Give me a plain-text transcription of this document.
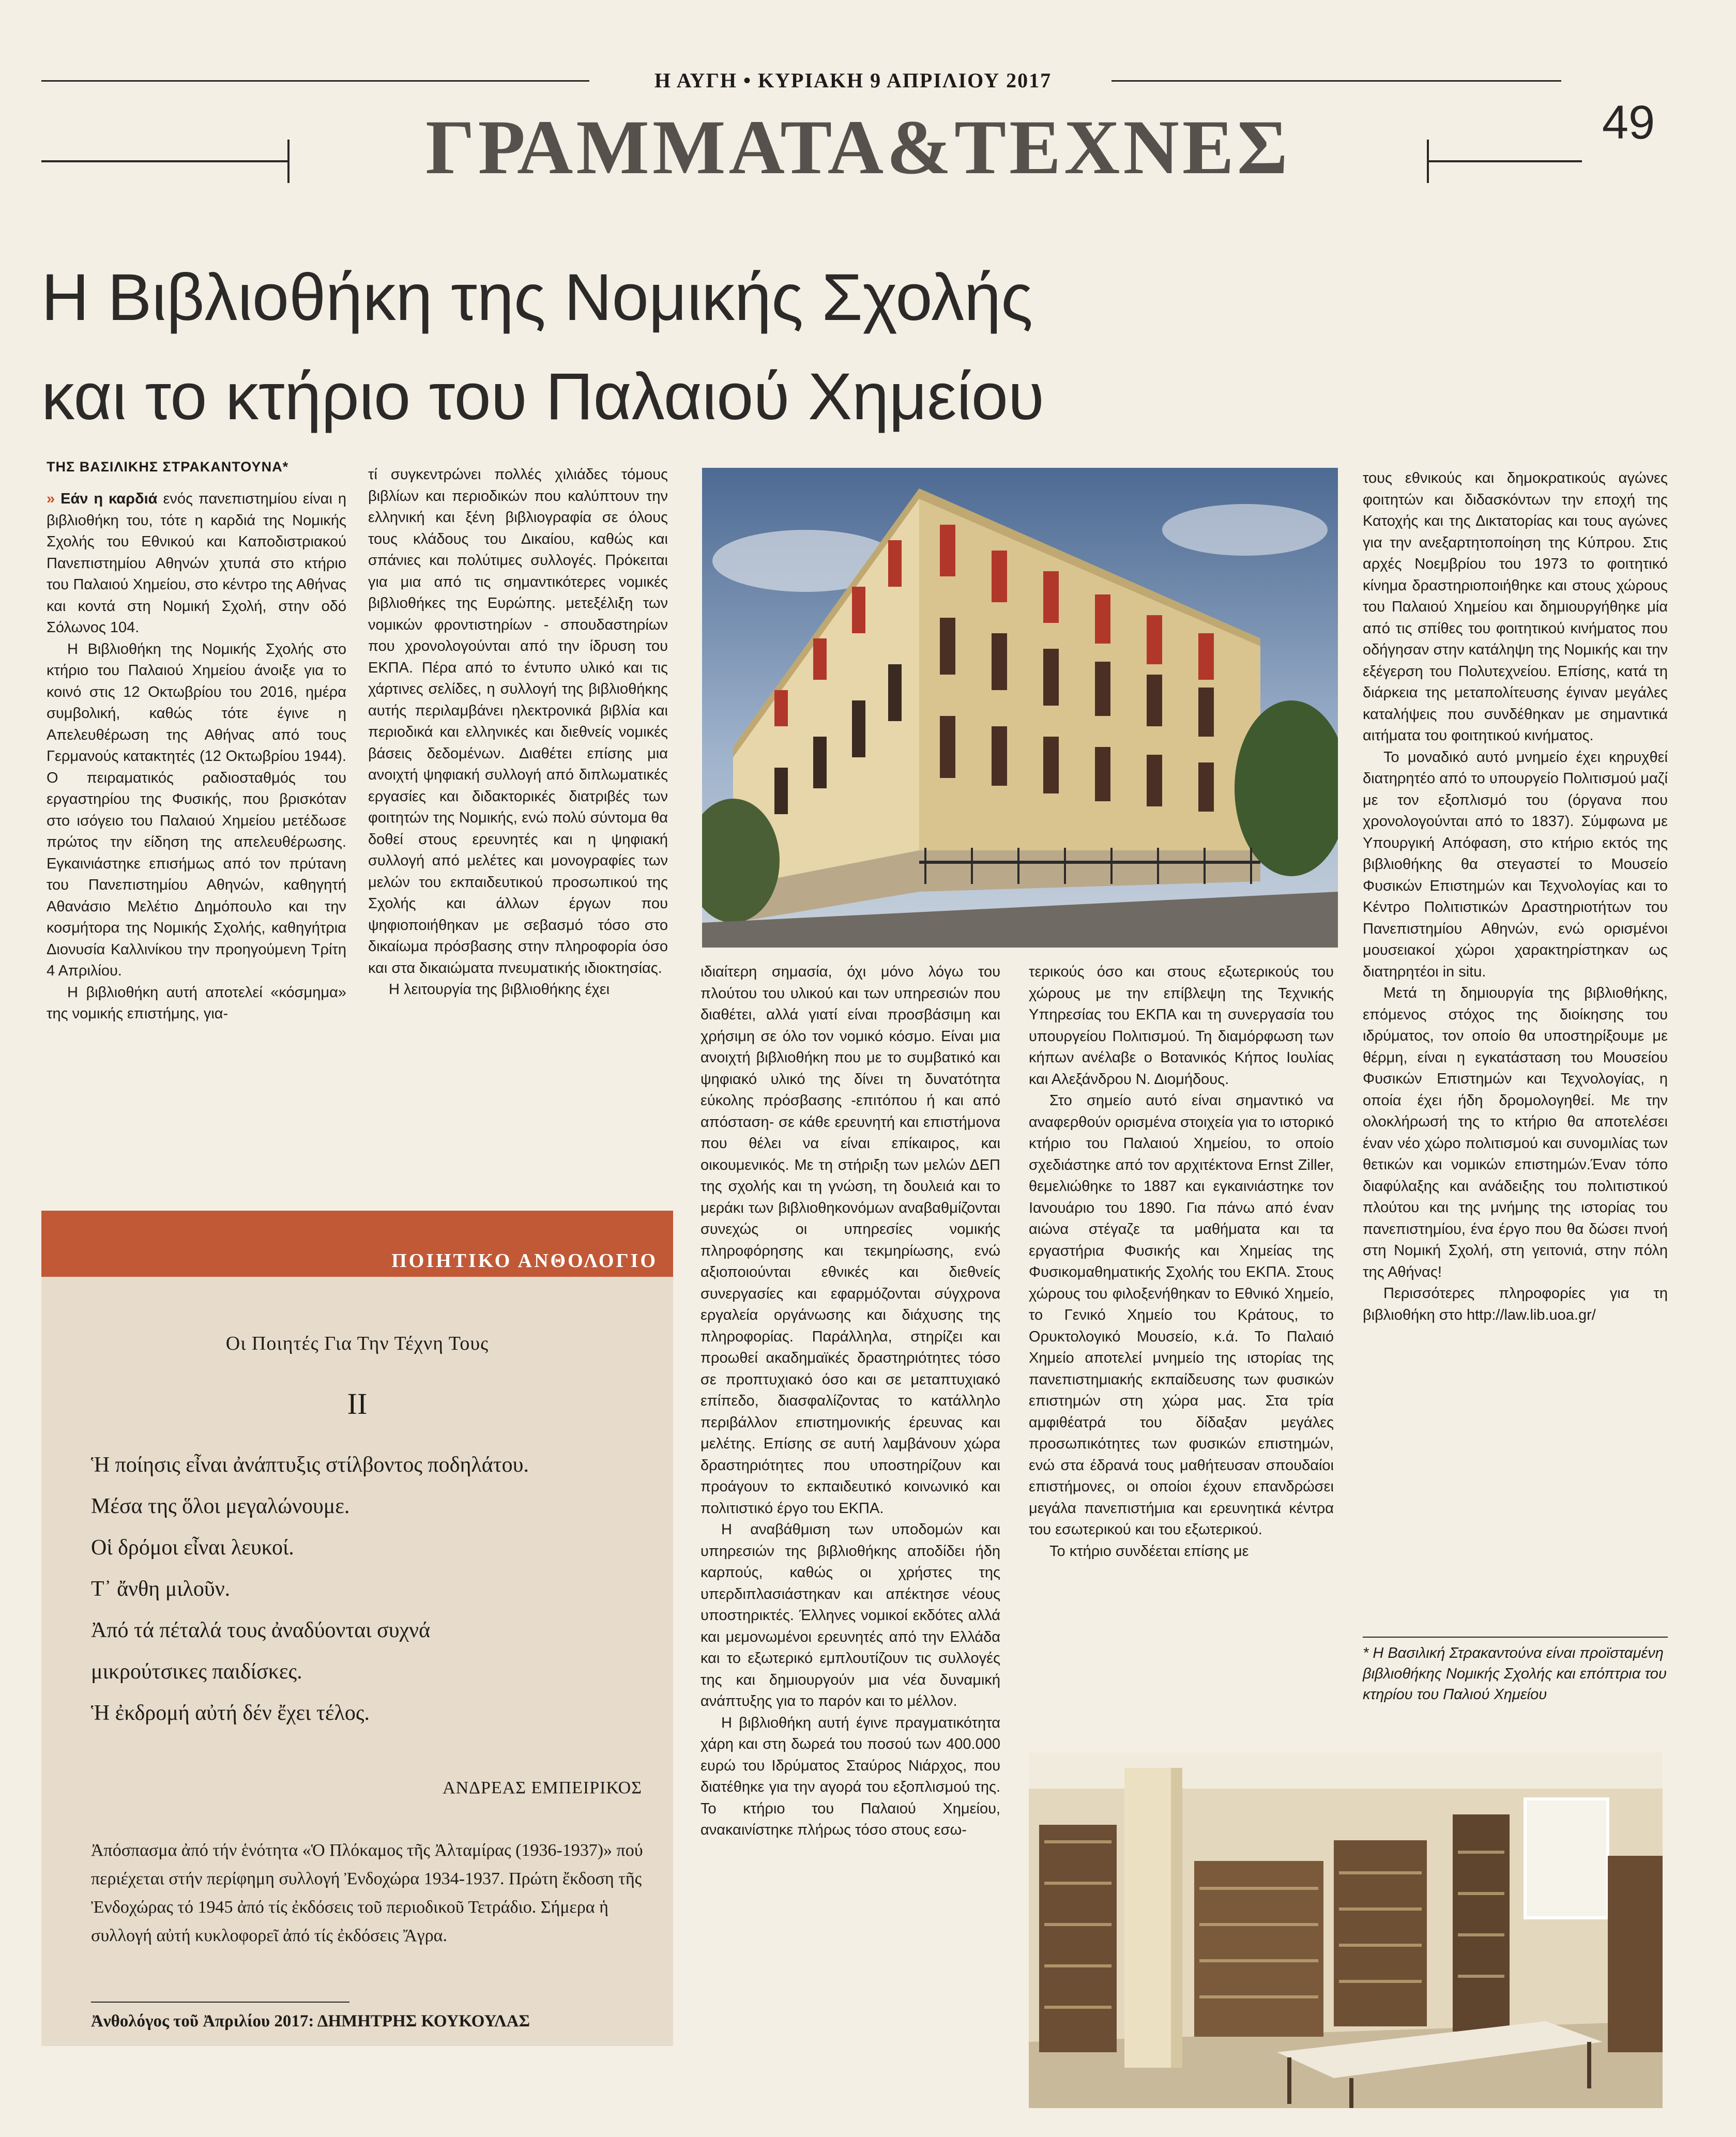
Η ΑΥΓΗ • ΚΥΡΙΑΚΗ 9 ΑΠΡΙΛΙΟΥ 2017
ΓΡΑΜΜΑΤΑ&ΤΕΧΝΕΣ	49
Η Βιβλιοθήκη της Νομικής Σχολής
και το κτήριο του Παλαιού Χημείου
ΤΗΣ ΒΑΣΙΛΙΚΗΣ ΣΤΡΑΚΑΝΤΟΥΝΑ*

» Εάν η καρδιά ενός πανεπιστημίου είναι η βιβλιοθήκη του, τότε η καρδιά της Νομικής Σχολής του Εθνικού και Καποδιστριακού Πανεπιστημίου Αθηνών χτυπά στο κτήριο του Παλαιού Χημείου, στο κέντρο της Αθήνας και κοντά στη Νομική Σχολή, στην οδό Σόλωνος 104.

Η Βιβλιοθήκη της Νομικής Σχολής στο κτήριο του Παλαιού Χημείου άνοιξε για το κοινό στις 12 Οκτωβρίου του 2016, ημέρα συμβολική, καθώς τότε έγινε η Απελευθέρωση της Αθήνας από τους Γερμανούς κατακτητές (12 Οκτωβρίου 1944). Ο πειραματικός ραδιοσταθμός του εργαστηρίου της Φυσικής, που βρισκόταν στο ισόγειο του Παλαιού Χημείου μετέδωσε πρώτος την είδηση της απελευθέρωσης. Εγκαινιάστηκε επισήμως από τον πρύτανη του Πανεπιστημίου Αθηνών, καθηγητή Αθανάσιο Μελέτιο Δημόπουλο και την κοσμήτορα της Νομικής Σχολής, καθηγήτρια Διονυσία Καλλινίκου την προηγούμενη Τρίτη 4 Απριλίου.

Η βιβλιοθήκη αυτή αποτελεί «κόσμημα» της νομικής επιστήμης, για-

τί συγκεντρώνει πολλές χιλιάδες τόμους βιβλίων και περιοδικών που καλύπτουν την ελληνική και ξένη βιβλιογραφία σε όλους τους κλάδους του Δικαίου, καθώς και σπάνιες και πολύτιμες συλλογές. Πρόκειται για μια από τις σημαντικότερες νομικές βιβλιοθήκες της Ευρώπης. μετεξέλιξη των νομικών φροντιστηρίων - σπουδαστηρίων που χρονολογούνται από την ίδρυση του ΕΚΠΑ. Πέρα από το έντυπο υλικό και τις χάρτινες σελίδες, η συλλογή της βιβλιοθήκης αυτής περιλαμβάνει ηλεκτρονικά βιβλία και περιοδικά και ελληνικές και διεθνείς νομικές βάσεις δεδομένων. Διαθέτει επίσης μια ανοιχτή ψηφιακή συλλογή από διπλωματικές εργασίες και διδακτορικές διατριβές των φοιτητών της Νομικής, ενώ πολύ σύντομα θα δοθεί στους ερευνητές και η ψηφιακή συλλογή από μελέτες και μονογραφίες των μελών του εκπαιδευτικού προσωπικού της Σχολής και άλλων έργων που ψηφιοποιήθηκαν με σεβασμό τόσο στο δικαίωμα πρόσβασης στην πληροφορία όσο και στα δικαιώματα πνευματικής ιδιοκτησίας.

Η λειτουργία της βιβλιοθήκης έχει

ιδιαίτερη σημασία, όχι μόνο λόγω του πλούτου του υλικού και των υπηρεσιών που διαθέτει, αλλά γιατί είναι προσβάσιμη και χρήσιμη σε όλο τον νομικό κόσμο. Είναι μια ανοιχτή βιβλιοθήκη που με το συμβατικό και ψηφιακό υλικό της δίνει τη δυνατότητα εύκολης πρόσβασης -επιτόπου ή και από απόσταση- σε κάθε ερευνητή και επιστήμονα που θέλει να είναι επίκαιρος, και οικουμενικός. Με τη στήριξη των μελών ΔΕΠ της σχολής και τη γνώση, τη δουλειά και το μεράκι των βιβλιοθηκονόμων αναβαθμίζονται συνεχώς οι υπηρεσίες νομικής πληροφόρησης και τεκμηρίωσης, ενώ αξιοποιούνται εθνικές και διεθνείς συνεργασίες και εφαρμόζονται σύγχρονα εργαλεία οργάνωσης και διάχυσης της πληροφορίας. Παράλληλα, στηρίζει και προωθεί ακαδημαϊκές δραστηριότητες τόσο σε προπτυχιακό όσο και σε μεταπτυχιακό επίπεδο, διασφαλίζοντας το κατάλληλο περιβάλλον επιστημονικής έρευνας και μελέτης. Επίσης σε αυτή λαμβάνουν χώρα δραστηριότητες που υποστηρίζουν και προάγουν το εκπαιδευτικό κοινωνικό και πολιτιστικό έργο του ΕΚΠΑ.

Η αναβάθμιση των υποδομών και υπηρεσιών της βιβλιοθήκης αποδίδει ήδη καρπούς, καθώς οι χρήστες της υπερδιπλασιάστηκαν και απέκτησε νέους υποστηρικτές. Έλληνες νομικοί εκδότες αλλά και μεμονωμένοι ερευνητές από την Ελλάδα και το εξωτερικό εμπλουτίζουν τις συλλογές της και δημιουργούν μια νέα δυναμική ανάπτυξης για το παρόν και το μέλλον.

Η βιβλιοθήκη αυτή έγινε πραγματικότητα χάρη και στη δωρεά του ποσού των 400.000 ευρώ του Ιδρύματος Σταύρος Νιάρχος, που διατέθηκε για την αγορά του εξοπλισμού της. Το κτήριο του Παλαιού Χημείου, ανακαινίστηκε πλήρως τόσο στους εσω-

τερικούς όσο και στους εξωτερικούς του χώρους με την επίβλεψη της Τεχνικής Υπηρεσίας του ΕΚΠΑ και τη συνεργασία του υπουργείου Πολιτισμού. Τη διαμόρφωση των κήπων ανέλαβε ο Βοτανικός Κήπος Ιουλίας και Αλεξάνδρου Ν. Διομήδους.

Στο σημείο αυτό είναι σημαντικό να αναφερθούν ορισμένα στοιχεία για το ιστορικό κτήριο του Παλαιού Χημείου, το οποίο σχεδιάστηκε από τον αρχιτέκτονα Ernst Ziller, θεμελιώθηκε το 1887 και εγκαινιάστηκε τον Ιανουάριο του 1890. Για πάνω από έναν αιώνα στέγαζε τα μαθήματα και τα εργαστήρια Φυσικής και Χημείας της Φυσικομαθηματικής Σχολής του ΕΚΠΑ. Στους χώρους του φιλοξενήθηκαν το Εθνικό Χημείο, το Γενικό Χημείο του Κράτους, το Ορυκτολογικό Μουσείο, κ.ά. Το Παλαιό Χημείο αποτελεί μνημείο της ιστορίας της πανεπιστημιακής εκπαίδευσης των φυσικών επιστημών στη χώρα μας. Στα τρία αμφιθέατρά του δίδαξαν μεγάλες προσωπικότητες των φυσικών επιστημών, ενώ στα έδρανά τους μαθήτευσαν σπουδαίοι επιστήμονες, οι οποίοι έχουν επανδρώσει μεγάλα πανεπιστήμια και ερευνητικά κέντρα του εσωτερικού και του εξωτερικού.

Το κτήριο συνδέεται επίσης με

τους εθνικούς και δημοκρατικούς αγώνες φοιτητών και διδασκόντων την εποχή της Κατοχής και της Δικτατορίας και τους αγώνες για την ανεξαρτητοποίηση της Κύπρου. Στις αρχές Νοεμβρίου του 1973 το φοιτητικό κίνημα δραστηριοποιήθηκε και στους χώρους του Παλαιού Χημείου και δημιουργήθηκε μία από τις σπίθες του φοιτητικού κινήματος που οδήγησαν στην κατάληψη της Νομικής και την εξέγερση του Πολυτεχνείου. Επίσης, κατά τη διάρκεια της μεταπολίτευσης έγιναν μεγάλες καταλήψεις που συνδέθηκαν με σημαντικά αιτήματα του φοιτητικού κινήματος.

Το μοναδικό αυτό μνημείο έχει κηρυχθεί διατηρητέο από το υπουργείο Πολιτισμού μαζί με τον εξοπλισμό του (όργανα που χρονολογούνται από το 1837). Σύμφωνα με Υπουργική Απόφαση, στο κτήριο εκτός της βιβλιοθήκης θα στεγαστεί το Μουσείο Φυσικών Επιστημών και Τεχνολογίας και το Κέντρο Πολιτιστικών Δραστηριοτήτων του Πανεπιστημίου Αθηνών, ενώ ορισμένοι μουσειακοί χώροι χαρακτηρίστηκαν ως διατηρητέοι in situ.

Μετά τη δημιουργία της βιβλιοθήκης, επόμενος στόχος της διοίκησης του ιδρύματος, τον οποίο θα υποστηρίξουμε με θέρμη, είναι η εγκατάσταση του Μουσείου Φυσικών Επιστημών και Τεχνολογίας, η οποία έχει ήδη δρομολογηθεί. Με την ολοκλήρωσή της το κτήριο θα αποτελέσει έναν νέο χώρο πολιτισμού και συνομιλίας των θετικών και νομικών επιστημών.Έναν τόπο διαφύλαξης και ανάδειξης του πολιτιστικού πλούτου και της μνήμης της ιστορίας του πανεπιστημίου, ένα έργο που θα δώσει πνοή στη Νομική Σχολή, στη γειτονιά, στην πόλη της Αθήνας!

Περισσότερες πληροφορίες για τη βιβλιοθήκη στο http://law.lib.uoa.gr/

* Η Βασιλική Στρακαντούνα είναι προϊσταμένη βιβλιοθήκης Νομικής Σχολής και επόπτρια του κτηρίου του Παλιού Χημείου
ΠΟΙΗΤΙΚΟ ΑΝΘΟΛΟΓΙΟ
Οι Ποιητές Για Την Τέχνη Τους
ΙΙ
Ἡ ποίησις εἶναι ἀνάπτυξις στίλβοντος ποδηλάτου.
Μέσα της ὅλοι μεγαλώνουμε.
Οἱ δρόμοι εἶναι λευκοί.
Τ᾽ ἄνθη μιλοῦν.
Ἀπό τά πέταλά τους ἀναδύονται συχνά
μικρούτσικες παιδίσκες.
Ἡ ἐκδρομή αὐτή δέν ἔχει τέλος.
ΑΝΔΡΕΑΣ ΕΜΠΕΙΡΙΚΟΣ
Ἀπόσπασμα ἀπό τήν ἑνότητα «Ὁ Πλόκαμος τῆς Ἀλταμίρας (1936-1937)» πού περιέχεται στήν περίφημη συλλογή Ἐνδοχώρα 1934-1937. Πρώτη ἔκδοση τῆς Ἐνδοχώρας τό 1945 ἀπό τίς ἐκδόσεις τοῦ περιοδικοῦ Τετράδιο. Σήμερα ἡ συλλογή αὐτή κυκλοφορεῖ ἀπό τίς ἐκδόσεις Ἄγρα.
Ἀνθολόγος τοῦ Ἀπριλίου 2017: ΔΗΜΗΤΡΗΣ ΚΟΥΚΟΥΛΑΣ
